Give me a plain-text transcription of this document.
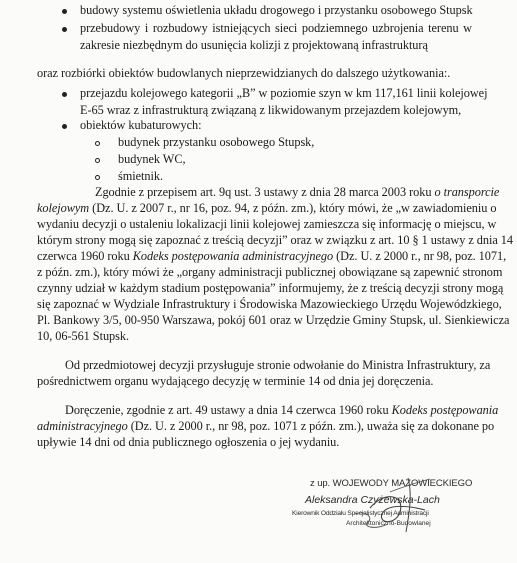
budowy systemu oświetlenia układu drogowego i przystanku osobowego Stupsk
przebudowy i rozbudowy istniejących sieci podziemnego uzbrojenia terenu w
zakresie niezbędnym do usunięcia kolizji z projektowaną infrastrukturą
oraz rozbiórki obiektów budowlanych nieprzewidzianych do dalszego użytkowania:.
przejazdu kolejowego kategorii „B” w poziomie szyn w km 117,161 linii kolejowej
E-65 wraz z infrastrukturą związaną z likwidowanym przejazdem kolejowym,
obiektów kubaturowych:
budynek przystanku osobowego Stupsk,
budynek WC,
śmietnik.
Zgodnie z przepisem art. 9q ust. 3 ustawy z dnia 28 marca 2003 roku o transporcie
kolejowym (Dz. U. z 2007 r., nr 16, poz. 94, z późn. zm.), który mówi, że „w zawiadomieniu o
wydaniu decyzji o ustaleniu lokalizacji linii kolejowej zamieszcza się informację o miejscu, w
którym strony mogą się zapoznać z treścią decyzji” oraz w związku z art. 10 § 1 ustawy z dnia 14
czerwca 1960 roku Kodeks postępowania administracyjnego (Dz. U. z 2000 r., nr 98, poz. 1071,
z późn. zm.), który mówi że „organy administracji publicznej obowiązane są zapewnić stronom
czynny udział w każdym stadium postępowania” informujemy, że z treścią decyzji strony mogą
się zapoznać w Wydziale Infrastruktury i Środowiska Mazowieckiego Urzędu Wojewódzkiego,
Pl. Bankowy 3/5, 00-950 Warszawa, pokój 601 oraz w Urzędzie Gminy Stupsk, ul. Sienkiewicza
10, 06-561 Stupsk.
Od przedmiotowej decyzji przysługuje stronie odwołanie do Ministra Infrastruktury, za
pośrednictwem organu wydającego decyzję w terminie 14 od dnia jej doręczenia.
Doręczenie, zgodnie z art. 49 ustawy a dnia 14 czerwca 1960 roku Kodeks postępowania
administracyjnego (Dz. U. z 2000 r., nr 98, poz. 1071 z późn. zm.), uważa się za dokonane po
upływie 14 dni od dnia publicznego ogłoszenia o jej wydaniu.
z up. WOJEWODY MAZOWIECKIEGO
Aleksandra Czyżewska-Lach
Kierownik Oddziału Specjalistycznej Administracji
Architektoniczno-Budowlanej
